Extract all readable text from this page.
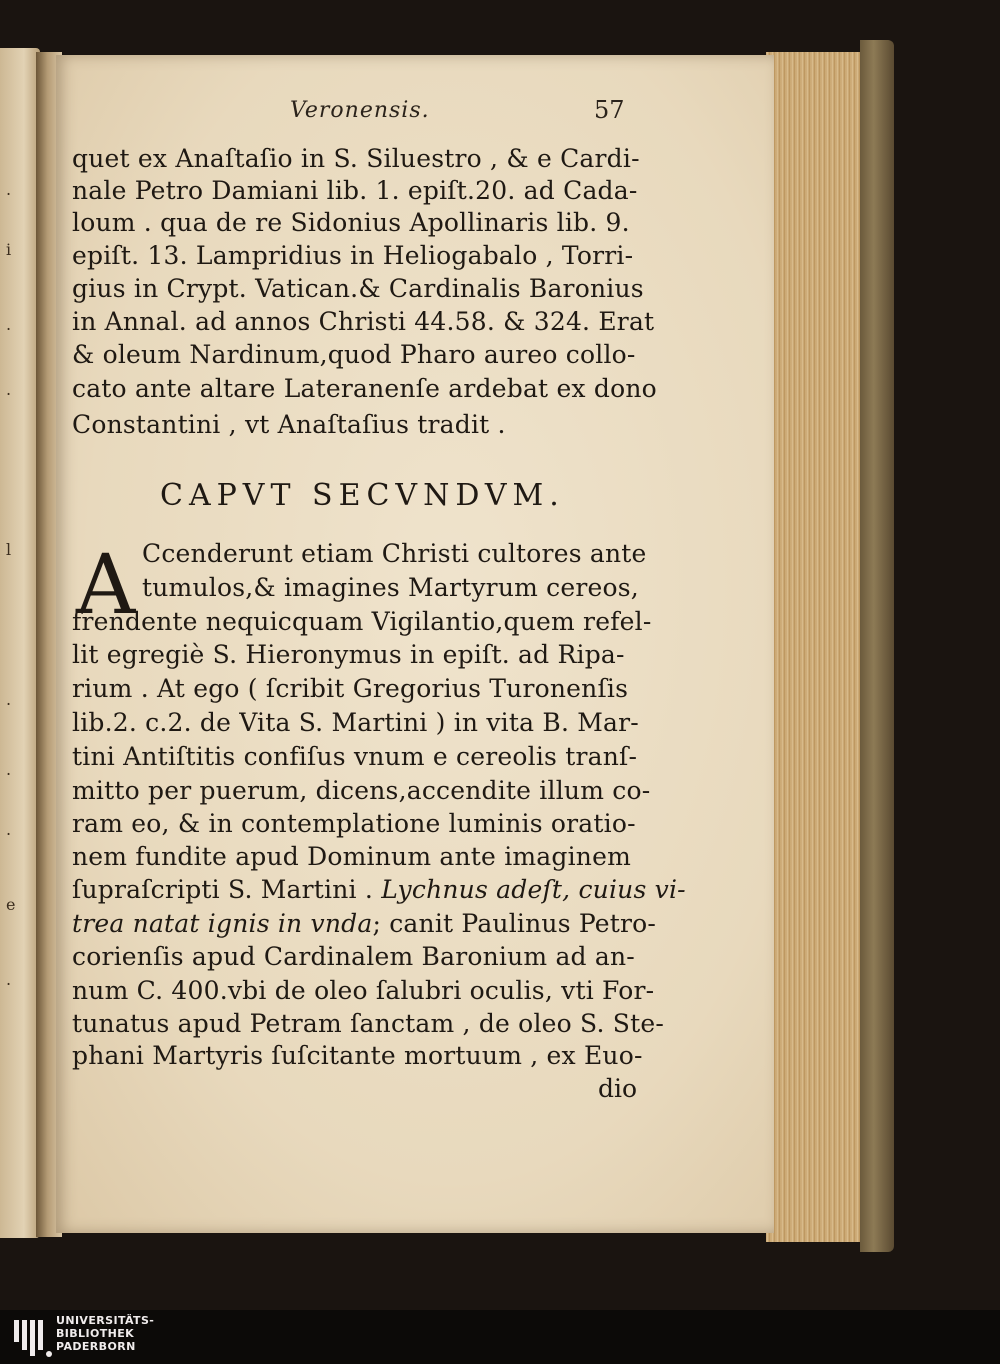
.
i
.
.
l
.
.
.
e
.
Veronensis.	57

quet ex Anaſtaſio in S. Siluestro , & e Cardi-

nale Petro Damiani lib. 1. epiſt.20. ad Cada-

loum . qua de re Sidonius Apollinaris lib. 9.

epiſt. 13. Lampridius in Heliogabalo , Torri-

gius in Crypt. Vatican.& Cardinalis Baronius

in Annal. ad annos Christi 44.58. & 324. Erat

& oleum Nardinum,quod Pharo aureo collo-

cato ante altare Lateranenſe ardebat ex dono

Constantini , vt Anaſtaſius tradit .

CAPVT SECVNDVM.
A Ccenderunt etiam Christi cultores ante

tumulos,& imagines Martyrum cereos,

frendente nequicquam Vigilantio,quem refel-

lit egregiè S. Hieronymus in epiſt. ad Ripa-

rium . At ego ( ſcribit Gregorius Turonenſis

lib.2. c.2. de Vita S. Martini ) in vita B. Mar-

tini Antiſtitis confiſus vnum e cereolis tranſ-

mitto per puerum, dicens,accendite illum co-

ram eo, & in contemplatione luminis oratio-

nem fundite apud Dominum ante imaginem

ſupraſcripti S. Martini . Lychnus adeſt, cuius vi-

trea natat ignis in vnda; canit Paulinus Petro-

corienſis apud Cardinalem Baronium ad an-

num C. 400.vbi de oleo ſalubri oculis, vti For-

tunatus apud Petram ſanctam , de oleo S. Ste-

phani Martyris ſuſcitante mortuum , ex Euo-

dio
UNIVERSITÄTS-
BIBLIOTHEK
PADERBORN
